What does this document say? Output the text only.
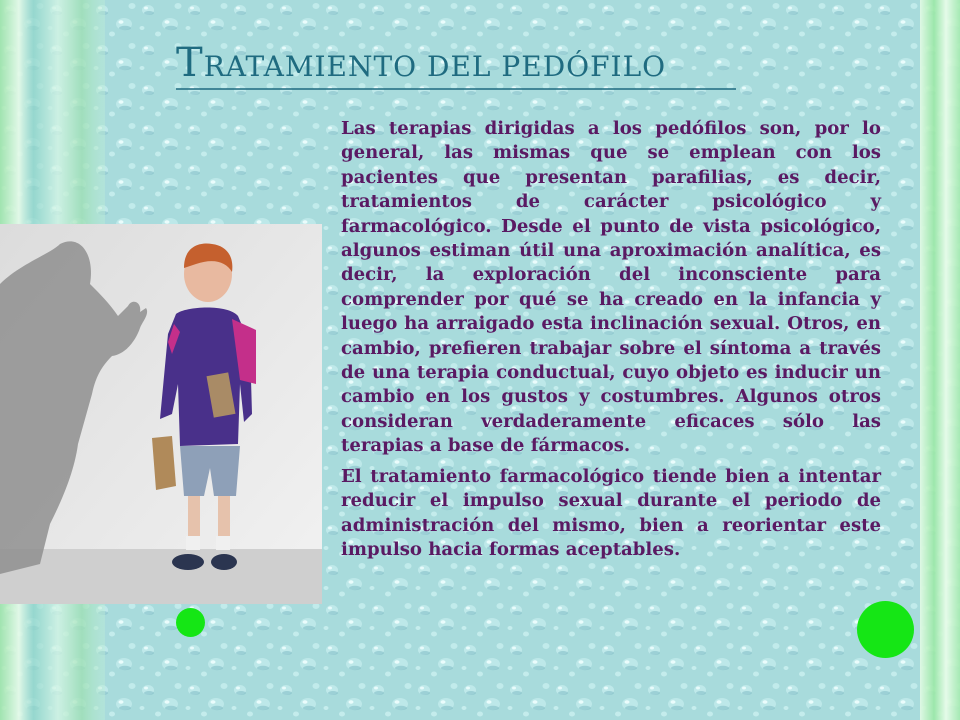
TRATAMIENTO DEL PEDÓFILO

Las terapias dirigidas a los pedófilos son, por lo general, las mismas que se emplean con los pacientes que presentan parafilias, es decir, tratamientos de carácter psicológico y farmacológico. Desde el punto de vista psicológico, algunos estiman útil una aproximación analítica, es decir, la exploración del inconsciente para comprender por qué se ha creado en la infancia y luego ha arraigado esta inclinación sexual. Otros, en cambio, prefieren trabajar sobre el síntoma a través de una terapia conductual, cuyo objeto es inducir un cambio en los gustos y costumbres. Algunos otros consideran verdaderamente eficaces sólo las terapias a base de fármacos.

El tratamiento farmacológico tiende bien a intentar reducir el impulso sexual durante el periodo de administración del mismo, bien a reorientar este impulso hacia formas aceptables.
